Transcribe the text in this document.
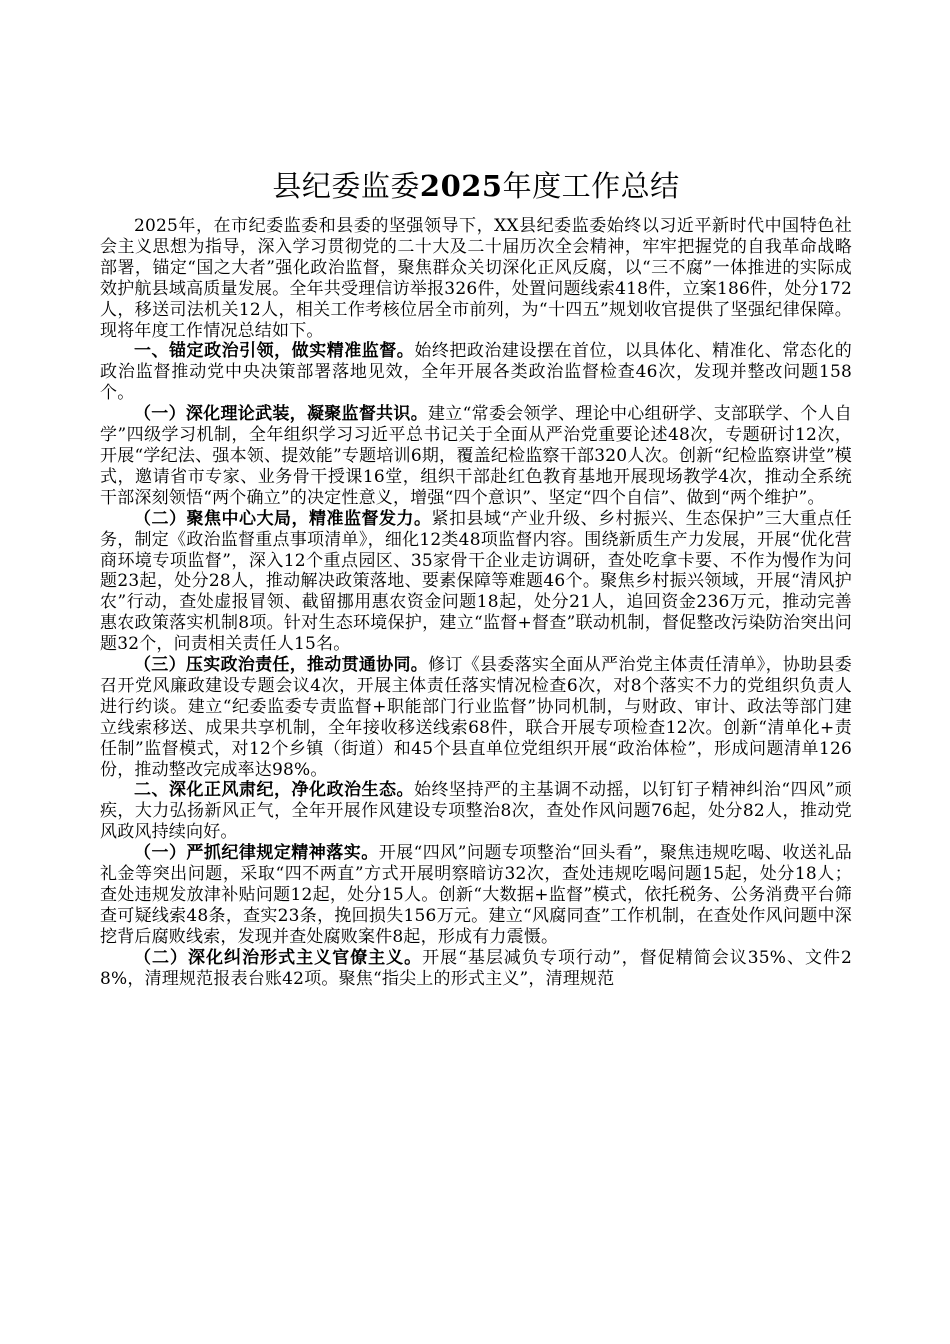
县纪委监委2025年度工作总结

2025年，在市纪委监委和县委的坚强领导下，XX县纪委监委始终以习近平新时代中国特色社会主义思想为指导，深入学习贯彻党的二十大及二十届历次全会精神，牢牢把握党的自我革命战略部署，锚定“国之大者”强化政治监督，聚焦群众关切深化正风反腐，以“三不腐”一体推进的实际成效护航县域高质量发展。全年共受理信访举报326件，处置问题线索418件，立案186件，处分172人，移送司法机关12人，相关工作考核位居全市前列，为“十四五”规划收官提供了坚强纪律保障。现将年度工作情况总结如下。

一、锚定政治引领，做实精准监督。始终把政治建设摆在首位，以具体化、精准化、常态化的政治监督推动党中央决策部署落地见效，全年开展各类政治监督检查46次，发现并整改问题158个。

（一）深化理论武装，凝聚监督共识。建立“常委会领学、理论中心组研学、支部联学、个人自学”四级学习机制，全年组织学习习近平总书记关于全面从严治党重要论述48次，专题研讨12次，开展“学纪法、强本领、提效能”专题培训6期，覆盖纪检监察干部320人次。创新“纪检监察讲堂”模式，邀请省市专家、业务骨干授课16堂，组织干部赴红色教育基地开展现场教学4次，推动全系统干部深刻领悟“两个确立”的决定性意义，增强“四个意识”、坚定“四个自信”、做到“两个维护”。

（二）聚焦中心大局，精准监督发力。紧扣县域“产业升级、乡村振兴、生态保护”三大重点任务，制定《政治监督重点事项清单》，细化12类48项监督内容。围绕新质生产力发展，开展“优化营商环境专项监督”，深入12个重点园区、35家骨干企业走访调研，查处吃拿卡要、不作为慢作为问题23起，处分28人，推动解决政策落地、要素保障等难题46个。聚焦乡村振兴领域，开展“清风护农”行动，查处虚报冒领、截留挪用惠农资金问题18起，处分21人，追回资金236万元，推动完善惠农政策落实机制8项。针对生态环境保护，建立“监督+督查”联动机制，督促整改污染防治突出问题32个，问责相关责任人15名。

（三）压实政治责任，推动贯通协同。修订《县委落实全面从严治党主体责任清单》，协助县委召开党风廉政建设专题会议4次，开展主体责任落实情况检查6次，对8个落实不力的党组织负责人进行约谈。建立“纪委监委专责监督+职能部门行业监督”协同机制，与财政、审计、政法等部门建立线索移送、成果共享机制，全年接收移送线索68件，联合开展专项检查12次。创新“清单化+责任制”监督模式，对12个乡镇（街道）和45个县直单位党组织开展“政治体检”，形成问题清单126份，推动整改完成率达98%。

二、深化正风肃纪，净化政治生态。始终坚持严的主基调不动摇，以钉钉子精神纠治“四风”顽疾，大力弘扬新风正气，全年开展作风建设专项整治8次，查处作风问题76起，处分82人，推动党风政风持续向好。

（一）严抓纪律规定精神落实。开展“四风”问题专项整治“回头看”，聚焦违规吃喝、收送礼品礼金等突出问题，采取“四不两直”方式开展明察暗访32次，查处违规吃喝问题15起，处分18人；查处违规发放津补贴问题12起，处分15人。创新“大数据+监督”模式，依托税务、公务消费平台筛查可疑线索48条，查实23条，挽回损失156万元。建立“风腐同查”工作机制，在查处作风问题中深挖背后腐败线索，发现并查处腐败案件8起，形成有力震慑。

（二）深化纠治形式主义官僚主义。开展“基层减负专项行动”，督促精简会议35%、文件28%，清理规范报表台账42项。聚焦“指尖上的形式主义”，清理规范
